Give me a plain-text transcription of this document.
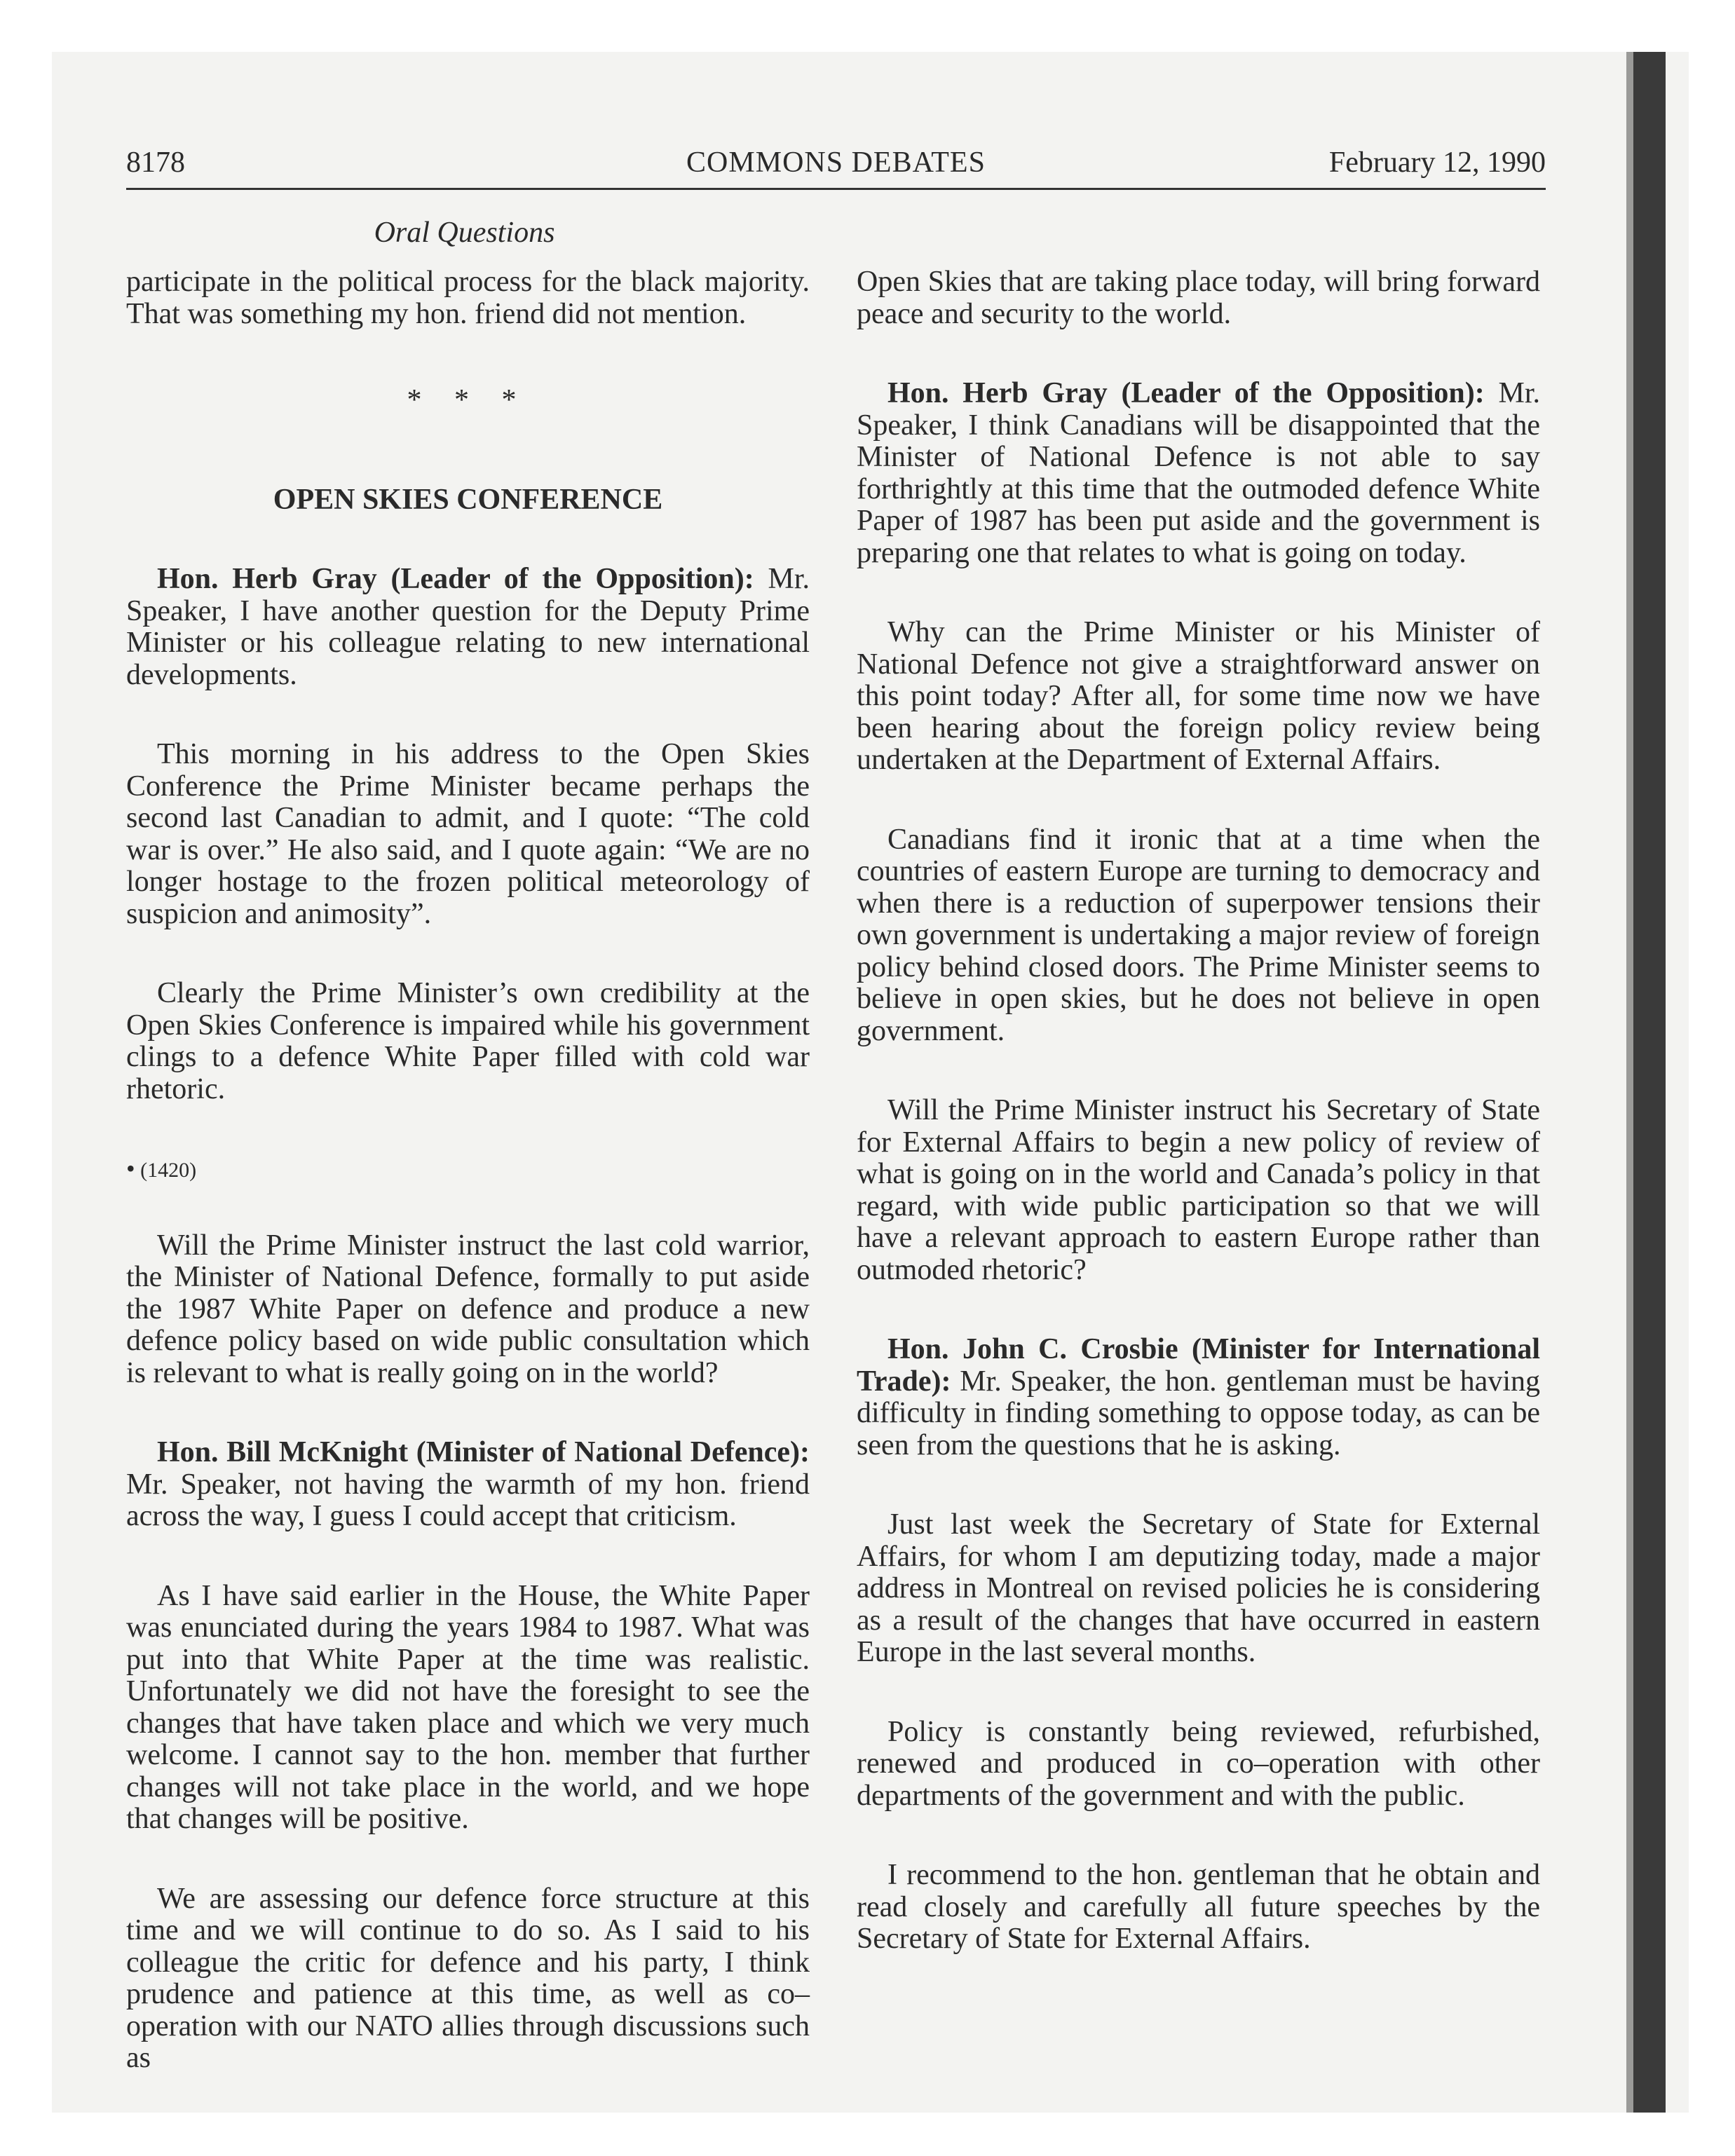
8178	COMMONS DEBATES	February 12, 1990
Oral Questions

participate in the political process for the black majority. That was something my hon. friend did not mention.

* * *

OPEN SKIES CONFERENCE

Hon. Herb Gray (Leader of the Opposition): Mr. Speaker, I have another question for the Deputy Prime Minister or his colleague relating to new international developments.

This morning in his address to the Open Skies Conference the Prime Minister became perhaps the second last Canadian to admit, and I quote: “The cold war is over.” He also said, and I quote again: “We are no longer hostage to the frozen political meteorology of suspicion and animosity”.

Clearly the Prime Minister’s own credibility at the Open Skies Conference is impaired while his government clings to a defence White Paper filled with cold war rhetoric.

• (1420)

Will the Prime Minister instruct the last cold warrior, the Minister of National Defence, formally to put aside the 1987 White Paper on defence and produce a new defence policy based on wide public consultation which is relevant to what is really going on in the world?

Hon. Bill McKnight (Minister of National Defence): Mr. Speaker, not having the warmth of my hon. friend across the way, I guess I could accept that criticism.

As I have said earlier in the House, the White Paper was enunciated during the years 1984 to 1987. What was put into that White Paper at the time was realistic. Unfortunately we did not have the foresight to see the changes that have taken place and which we very much welcome. I cannot say to the hon. member that further changes will not take place in the world, and we hope that changes will be positive.

We are assessing our defence force structure at this time and we will continue to do so. As I said to his colleague the critic for defence and his party, I think prudence and patience at this time, as well as co–operation with our NATO allies through discussions such as

Open Skies that are taking place today, will bring forward peace and security to the world.

Hon. Herb Gray (Leader of the Opposition): Mr. Speaker, I think Canadians will be disappointed that the Minister of National Defence is not able to say forthrightly at this time that the outmoded defence White Paper of 1987 has been put aside and the government is preparing one that relates to what is going on today.

Why can the Prime Minister or his Minister of National Defence not give a straightforward answer on this point today? After all, for some time now we have been hearing about the foreign policy review being undertaken at the Department of External Affairs.

Canadians find it ironic that at a time when the countries of eastern Europe are turning to democracy and when there is a reduction of superpower tensions their own government is undertaking a major review of foreign policy behind closed doors. The Prime Minister seems to believe in open skies, but he does not believe in open government.

Will the Prime Minister instruct his Secretary of State for External Affairs to begin a new policy of review of what is going on in the world and Canada’s policy in that regard, with wide public participation so that we will have a relevant approach to eastern Europe rather than outmoded rhetoric?

Hon. John C. Crosbie (Minister for International Trade): Mr. Speaker, the hon. gentleman must be having difficulty in finding something to oppose today, as can be seen from the questions that he is asking.

Just last week the Secretary of State for External Affairs, for whom I am deputizing today, made a major address in Montreal on revised policies he is considering as a result of the changes that have occurred in eastern Europe in the last several months.

Policy is constantly being reviewed, refurbished, renewed and produced in co–operation with other departments of the government and with the public.

I recommend to the hon. gentleman that he obtain and read closely and carefully all future speeches by the Secretary of State for External Affairs.
